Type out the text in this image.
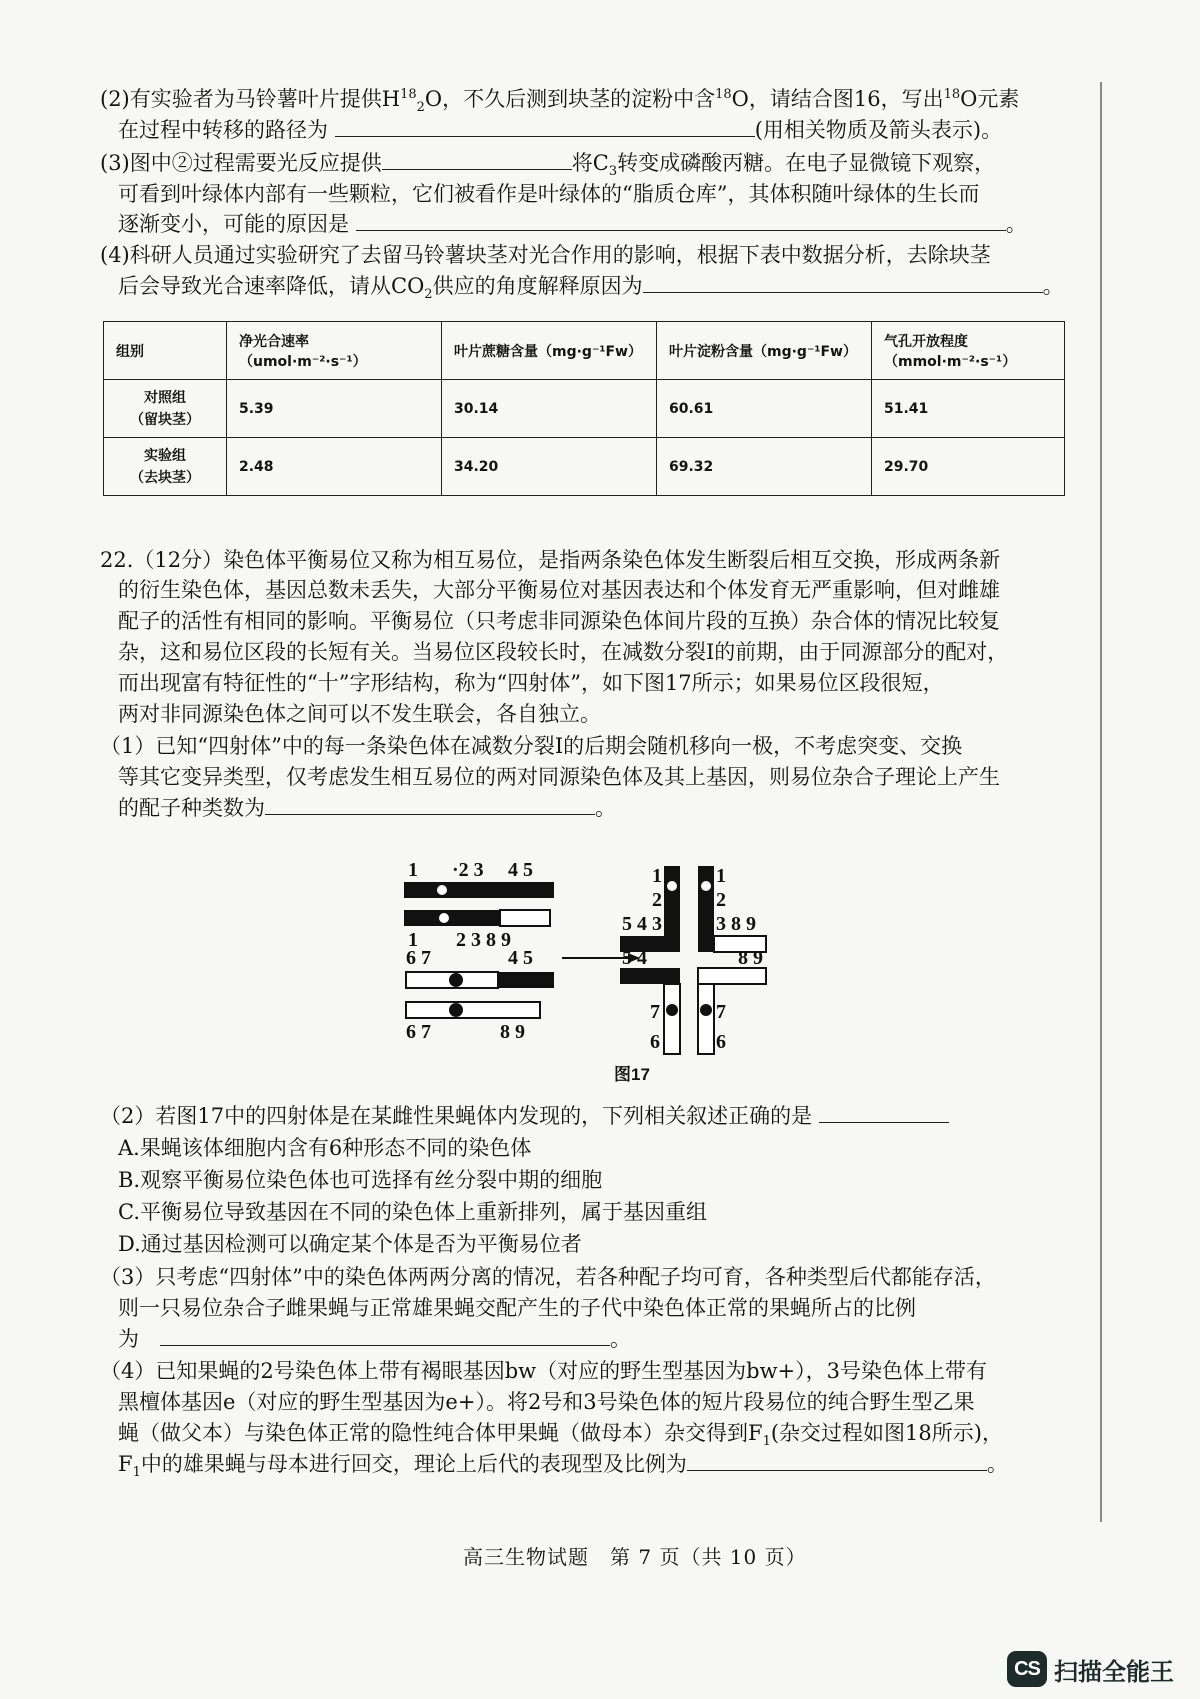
(2)有实验者为马铃薯叶片提供$H^{18}_2O$，不久后测到块茎的淀粉中含$^{18}$O，请结合图16，写出$^{18}$O元素
在过程中转移的路径为	(用相关物质及箭头表示)。
(3)图中②过程需要光反应提供	将$C_3$转变成磷酸丙糖。在电子显微镜下观察，
可看到叶绿体内部有一些颗粒，它们被看作是叶绿体的“脂质仓库”，其体积随叶绿体的生长而
逐渐变小，可能的原因是	。
(4)科研人员通过实验研究了去留马铃薯块茎对光合作用的影响，根据下表中数据分析，去除块茎
后会导致光合速率降低，请从$CO_2$供应的角度解释原因为	。
组别	净光合速率（umol·m⁻²·s⁻¹）	叶片蔗糖含量（mg·g⁻¹Fw）	叶片淀粉含量（mg·g⁻¹Fw）	气孔开放程度（mmol·m⁻²·s⁻¹）
对照组
（留块茎）	5.39	30.14	60.61	51.41
实验组
（去块茎）	2.48	34.20	69.32	29.70
22.（12分）染色体平衡易位又称为相互易位，是指两条染色体发生断裂后相互交换，形成两条新
的衍生染色体，基因总数未丢失，大部分平衡易位对基因表达和个体发育无严重影响，但对雌雄
配子的活性有相同的影响。平衡易位（只考虑非同源染色体间片段的互换）杂合体的情况比较复
杂，这和易位区段的长短有关。当易位区段较长时，在减数分裂Ⅰ的前期，由于同源部分的配对，
而出现富有特征性的“十”字形结构，称为“四射体”，如下图17所示；如果易位区段很短，
两对非同源染色体之间可以不发生联会，各自独立。
（1）已知“四射体”中的每一条染色体在减数分裂Ⅰ的后期会随机移向一极，不考虑突变、交换
等其它变异类型，仅考虑发生相互易位的两对同源染色体及其上基因，则易位杂合子理论上产生
的配子种类数为	。
1 ·2 3 4 5
1 2 3 8 9
6 7	4 5
6 7	8 9
1
2
5 4 3
1
2
3 8 9
5 4	8 9
7
6
7
6
图17
（2）若图17中的四射体是在某雌性果蝇体内发现的，下列相关叙述正确的是
A.果蝇该体细胞内含有6种形态不同的染色体
B.观察平衡易位染色体也可选择有丝分裂中期的细胞
C.平衡易位导致基因在不同的染色体上重新排列，属于基因重组
D.通过基因检测可以确定某个体是否为平衡易位者
（3）只考虑“四射体”中的染色体两两分离的情况，若各种配子均可育，各种类型后代都能存活，
则一只易位杂合子雌果蝇与正常雄果蝇交配产生的子代中染色体正常的果蝇所占的比例
为　	。
（4）已知果蝇的2号染色体上带有褐眼基因bw（对应的野生型基因为bw+），3号染色体上带有
黑檀体基因e（对应的野生型基因为e+）。将2号和3号染色体的短片段易位的纯合野生型乙果
蝇（做父本）与染色体正常的隐性纯合体甲果蝇（做母本）杂交得到$F_1$(杂交过程如图18所示)，
$F_1$中的雄果蝇与母本进行回交，理论上后代的表现型及比例为	。
高三生物试题　第 7 页（共 10 页）
CS 扫描全能王
